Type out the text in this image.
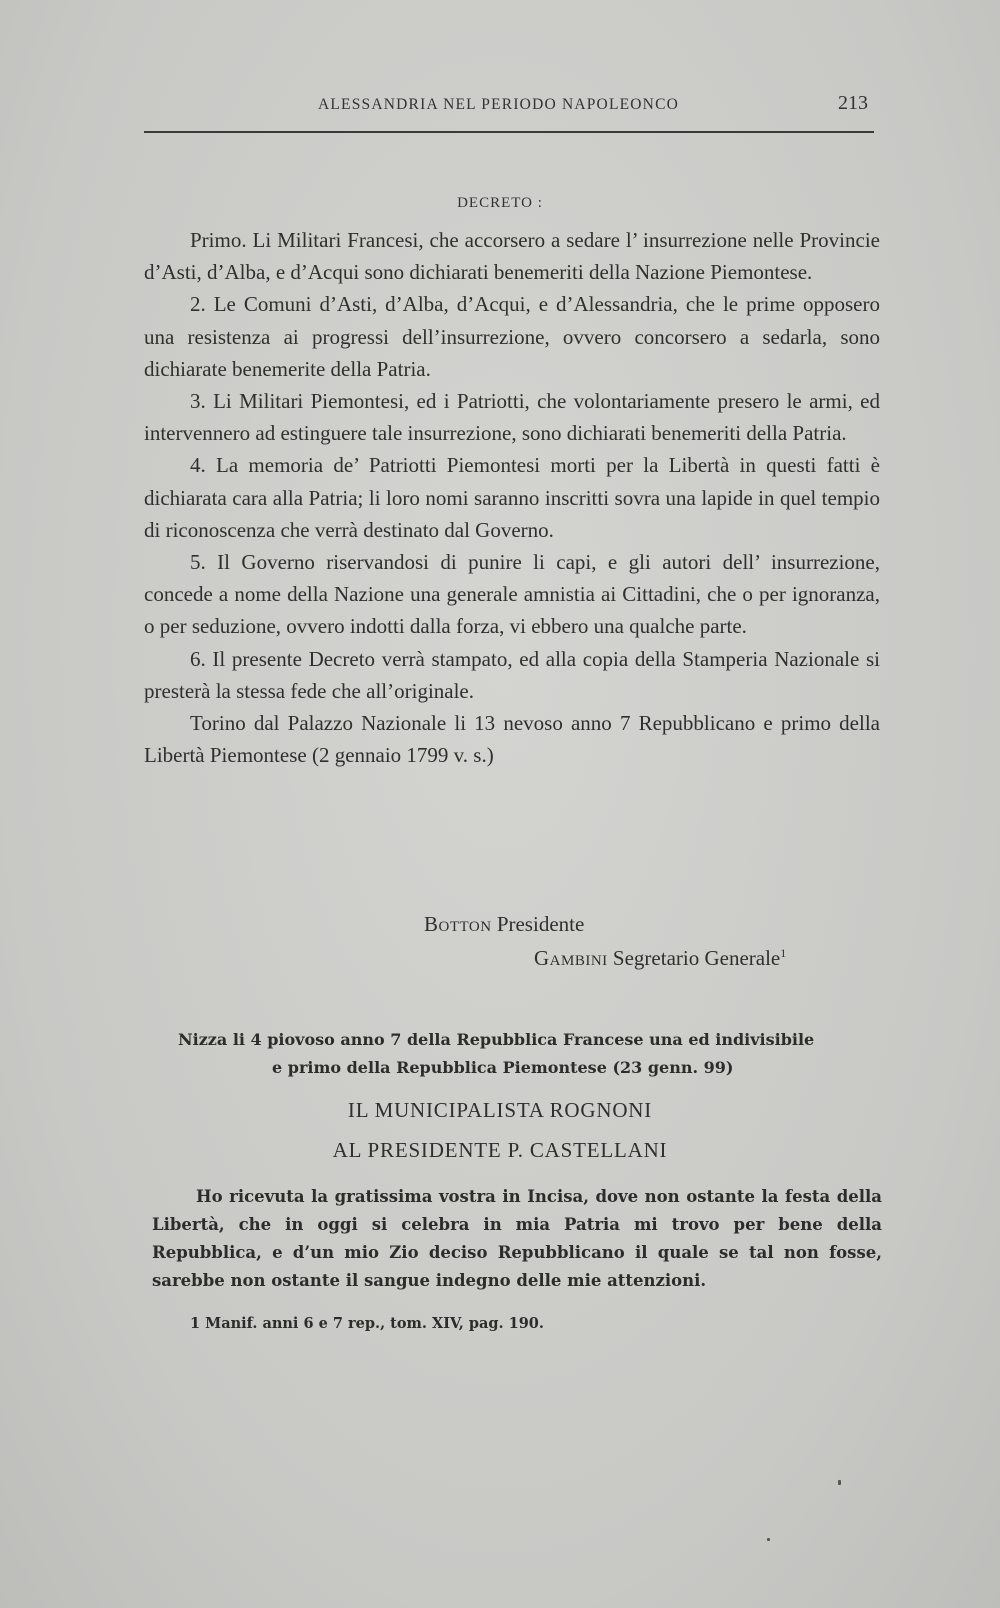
ALESSANDRIA NEL PERIODO NAPOLEONCO	213
DECRETO :

Primo. Li Militari Francesi, che accorsero a sedare l’ insurrezione nelle Provincie d’Asti, d’Alba, e d’Acqui sono dichiarati benemeriti della Nazione Piemontese.

2. Le Comuni d’Asti, d’Alba, d’Acqui, e d’Alessandria, che le prime opposero una resistenza ai progressi dell’insurrezione, ovvero concorsero a sedarla, sono dichiarate benemerite della Patria.

3. Li Militari Piemontesi, ed i Patriotti, che volontariamente presero le armi, ed intervennero ad estinguere tale insurrezione, sono dichiarati benemeriti della Patria.

4. La memoria de’ Patriotti Piemontesi morti per la Libertà in questi fatti è dichiarata cara alla Patria; li loro nomi saranno inscritti sovra una lapide in quel tempio di riconoscenza che verrà destinato dal Governo.

5. Il Governo riservandosi di punire li capi, e gli autori dell’ insurrezione, concede a nome della Nazione una generale amnistia ai Cittadini, che o per ignoranza, o per seduzione, ovvero indotti dalla forza, vi ebbero una qualche parte.

6. Il presente Decreto verrà stampato, ed alla copia della Stamperia Nazionale si presterà la stessa fede che all’originale.

Torino dal Palazzo Nazionale li 13 nevoso anno 7 Repubblicano e primo della Libertà Piemontese (2 gennaio 1799 v. s.)

Botton Presidente
Gambini Segretario Generale$^1$
Nizza li 4 piovoso anno 7 della Repubblica Francese una ed indivisibile
e primo della Repubblica Piemontese (23 genn. 99)
IL MUNICIPALISTA ROGNONI
AL PRESIDENTE P. CASTELLANI

Ho ricevuta la gratissima vostra in Incisa, dove non ostante la festa della Libertà, che in oggi si celebra in mia Patria mi trovo per bene della Repubblica, e d’un mio Zio deciso Repubblicano il quale se tal non fosse, sarebbe non ostante il sangue indegno delle mie attenzioni.

1 Manif. anni 6 e 7 rep., tom. XIV, pag. 190.
